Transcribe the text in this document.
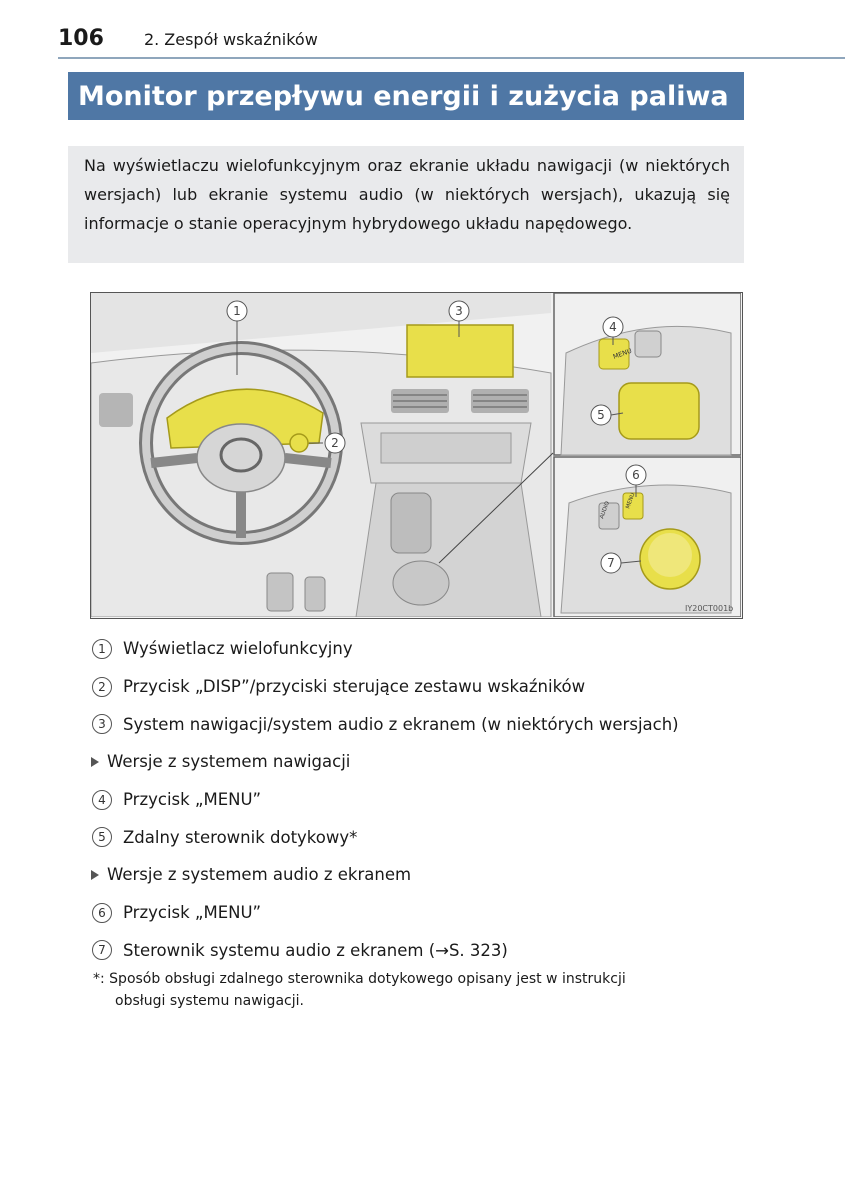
106	2. Zespół wskaźników
Monitor przepływu energii i zużycia paliwa
Na wyświetlaczu wielofunkcyjnym oraz ekranie układu nawigacji (w niektórych wersjach) lub ekranie systemu audio (w niektórych wersjach), ukazują się informacje o stanie operacyjnym hybrydowego układu napędowego.
MENU
AUDIO	MENU
1	3
2
4
5
6
7
IY20CT001b
1	Wyświetlacz wielofunkcyjny
2	Przycisk „DISP”/przyciski sterujące zestawu wskaźników
3	System nawigacji/system audio z ekranem (w niektórych wersjach)
Wersje z systemem nawigacji
4	Przycisk „MENU”
5	Zdalny sterownik dotykowy*
Wersje z systemem audio z ekranem
6	Przycisk „MENU”
7	Sterownik systemu audio z ekranem (→S. 323)
*: Sposób obsługi zdalnego sterownika dotykowego opisany jest w instrukcji
obsługi systemu nawigacji.
